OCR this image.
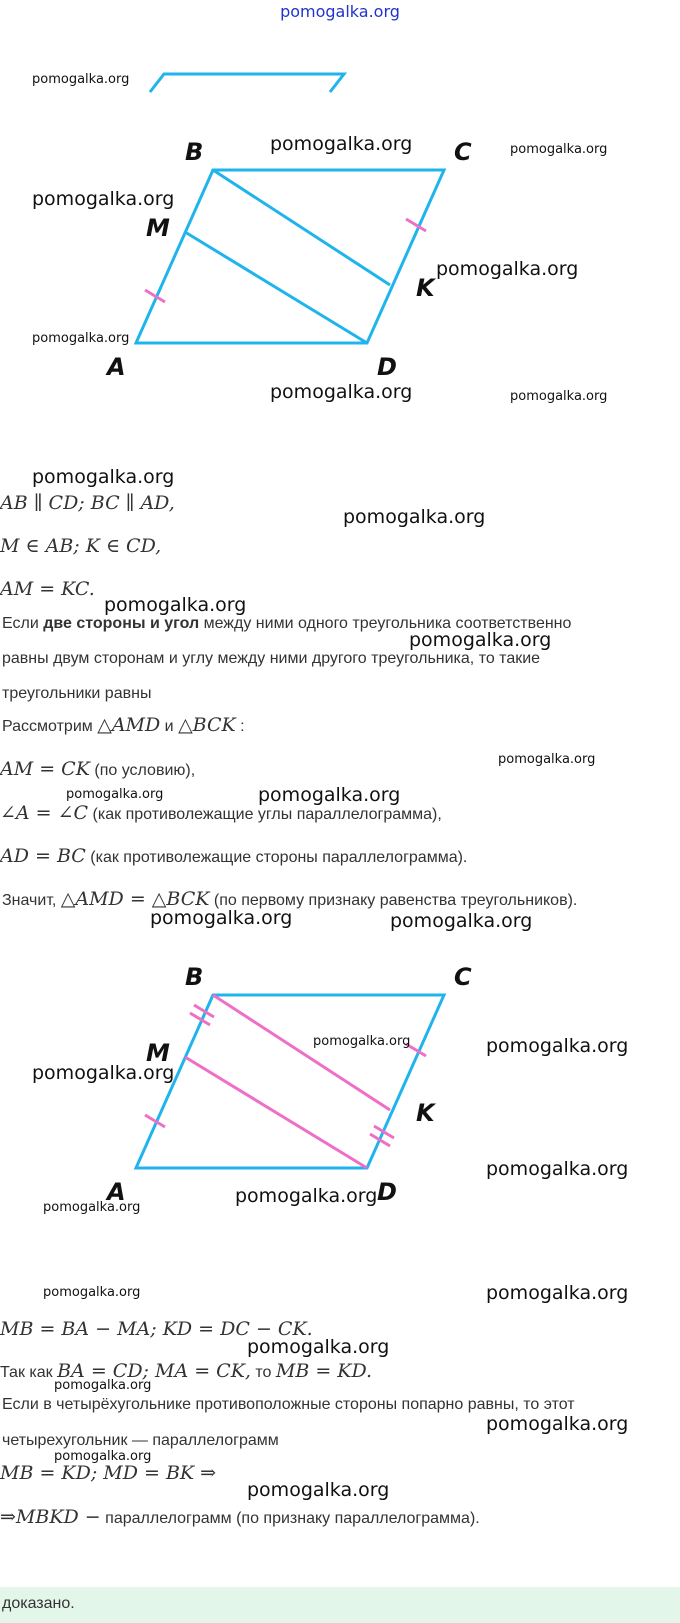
pomogalka.org
B	C
M
K
A	D
AB ∥ CD; BC ∥ AD,
M ∈ AB; K ∈ CD,
AM = KC.
Если две стороны и угол между ними одного треугольника соответственно
равны двум сторонам и углу между ними другого треугольника, то такие
треугольники равны
Рассмотрим △AMD и △BCK :
AM = CK (по условию),
∠A = ∠C (как противолежащие углы параллелограмма),
AD = BC (как противолежащие стороны параллелограмма).
Значит, △AMD = △BCK (по первому признаку равенства треугольников).
B	C
M
K
A	D
MB = BA − MA; KD = DC − CK.
Так как BA = CD; MA = CK, то MB = KD.
Если в четырёхугольнике противоположные стороны попарно равны, то этот
четырехугольник — параллелограмм
MB = KD; MD = BK ⇒
⇒MBKD − параллелограмм (по признаку параллелограмма).
доказано.
pomogalka.org
pomogalka.org	pomogalka.org
pomogalka.org
pomogalka.org
pomogalka.org
pomogalka.org	pomogalka.org
pomogalka.org
pomogalka.org
pomogalka.org
pomogalka.org
pomogalka.org
pomogalka.org	pomogalka.org
pomogalka.org	pomogalka.org
pomogalka.org	pomogalka.org
pomogalka.org
pomogalka.org
pomogalka.org
pomogalka.org
pomogalka.org	pomogalka.org
pomogalka.org
pomogalka.org
pomogalka.org
pomogalka.org
pomogalka.org
